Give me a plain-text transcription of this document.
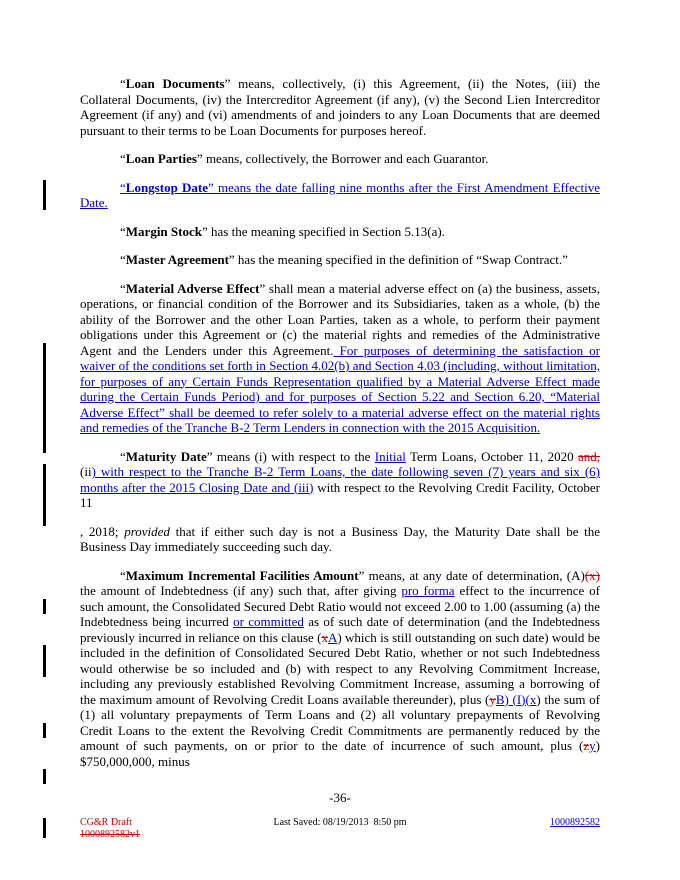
“Loan Documents” means, collectively, (i) this Agreement, (ii) the Notes, (iii) the Collateral Documents, (iv) the Intercreditor Agreement (if any), (v) the Second Lien Intercreditor Agreement (if any) and (vi) amendments of and joinders to any Loan Documents that are deemed pursuant to their terms to be Loan Documents for purposes hereof.

“Loan Parties” means, collectively, the Borrower and each Guarantor.

“Longstop Date” means the date falling nine months after the First Amendment Effective Date.

“Margin Stock” has the meaning specified in Section 5.13(a).

“Master Agreement” has the meaning specified in the definition of “Swap Contract.”

“Material Adverse Effect” shall mean a material adverse effect on (a) the business, assets, operations, or financial condition of the Borrower and its Subsidiaries, taken as a whole, (b) the ability of the Borrower and the other Loan Parties, taken as a whole, to perform their payment obligations under this Agreement or (c) the material rights and remedies of the Administrative Agent and the Lenders under this Agreement. For purposes of determining the satisfaction or waiver of the conditions set forth in Section 4.02(b) and Section 4.03 (including, without limitation, for purposes of any Certain Funds Representation qualified by a Material Adverse Effect made during the Certain Funds Period) and for purposes of Section 5.22 and Section 6.20, “Material Adverse Effect” shall be deemed to refer solely to a material adverse effect on the material rights and remedies of the Tranche B-2 Term Lenders in connection with the 2015 Acquisition.

“Maturity Date” means (i) with respect to the Initial Term Loans, October 11, 2020 and, (ii) with respect to the Tranche B-2 Term Loans, the date following seven (7) years and six (6) months after the 2015 Closing Date and (iii) with respect to the Revolving Credit Facility, October 11

, 2018; provided that if either such day is not a Business Day, the Maturity Date shall be the Business Day immediately succeeding such day.

“Maximum Incremental Facilities Amount” means, at any date of determination, (A)(x) the amount of Indebtedness (if any) such that, after giving pro forma effect to the incurrence of such amount, the Consolidated Secured Debt Ratio would not exceed 2.00 to 1.00 (assuming (a) the Indebtedness being incurred or committed as of such date of determination (and the Indebtedness previously incurred in reliance on this clause (xA) which is still outstanding on such date) would be included in the definition of Consolidated Secured Debt Ratio, whether or not such Indebtedness would otherwise be so included and (b) with respect to any Revolving Commitment Increase, including any previously established Revolving Commitment Increase, assuming a borrowing of the maximum amount of Revolving Credit Loans available thereunder), plus (yB) (I)(x) the sum of (1) all voluntary prepayments of Term Loans and (2) all voluntary prepayments of Revolving Credit Loans to the extent the Revolving Credit Commitments are permanently reduced by the amount of such payments, on or prior to the date of incurrence of such amount, plus (zy) $750,000,000, minus

-36-
CG&R Draft
1000892582v1
Last Saved: 08/19/2013  8:50 pm	1000892582
